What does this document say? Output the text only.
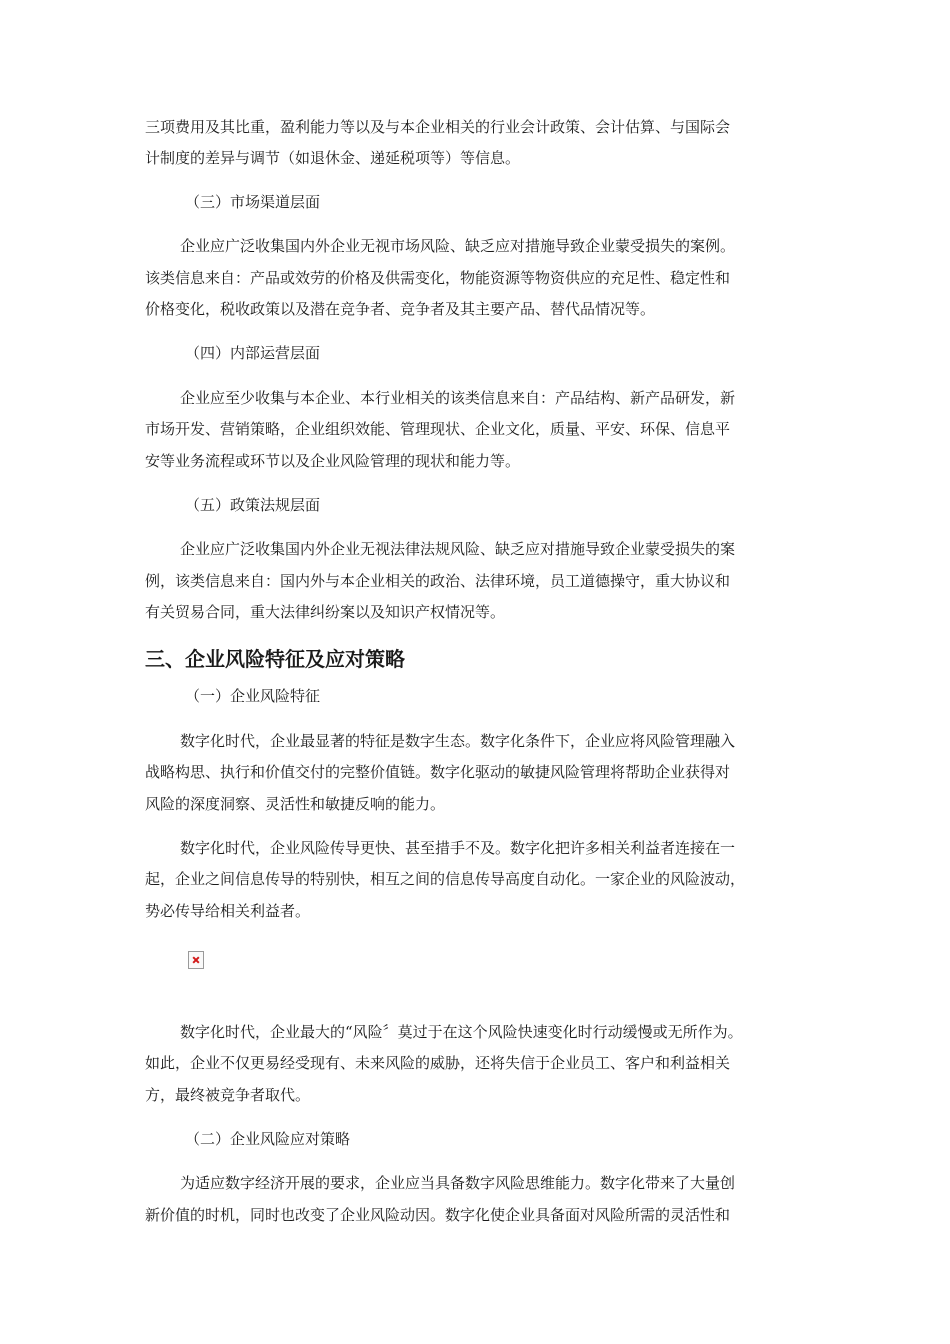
三项费用及其比重，盈利能力等以及与本企业相关的行业会计政策、会计估算、与国际会
计制度的差异与调节（如退休金、递延税项等）等信息。
（三）市场渠道层面
企业应广泛收集国内外企业无视市场风险、缺乏应对措施导致企业蒙受损失的案例。
该类信息来自：产品或效劳的价格及供需变化，物能资源等物资供应的充足性、稳定性和
价格变化，税收政策以及潜在竞争者、竞争者及其主要产品、替代品情况等。
（四）内部运营层面
企业应至少收集与本企业、本行业相关的该类信息来自：产品结构、新产品研发，新
市场开发、营销策略，企业组织效能、管理现状、企业文化，质量、平安、环保、信息平
安等业务流程或环节以及企业风险管理的现状和能力等。
（五）政策法规层面
企业应广泛收集国内外企业无视法律法规风险、缺乏应对措施导致企业蒙受损失的案
例，该类信息来自：国内外与本企业相关的政治、法律环境，员工道德操守，重大协议和
有关贸易合同，重大法律纠纷案以及知识产权情况等。
三、企业风险特征及应对策略
（一）企业风险特征
数字化时代，企业最显著的特征是数字生态。数字化条件下，企业应将风险管理融入
战略构思、执行和价值交付的完整价值链。数字化驱动的敏捷风险管理将帮助企业获得对
风险的深度洞察、灵活性和敏捷反响的能力。
数字化时代，企业风险传导更快、甚至措手不及。数字化把许多相关利益者连接在一
起，企业之间信息传导的特别快，相互之间的信息传导高度自动化。一家企业的风险波动，
势必传导给相关利益者。
数字化时代，企业最大的“风险〞莫过于在这个风险快速变化时行动缓慢或无所作为。
如此，企业不仅更易经受现有、未来风险的威胁，还将失信于企业员工、客户和利益相关
方，最终被竞争者取代。
（二）企业风险应对策略
为适应数字经济开展的要求，企业应当具备数字风险思维能力。数字化带来了大量创
新价值的时机，同时也改变了企业风险动因。数字化使企业具备面对风险所需的灵活性和
